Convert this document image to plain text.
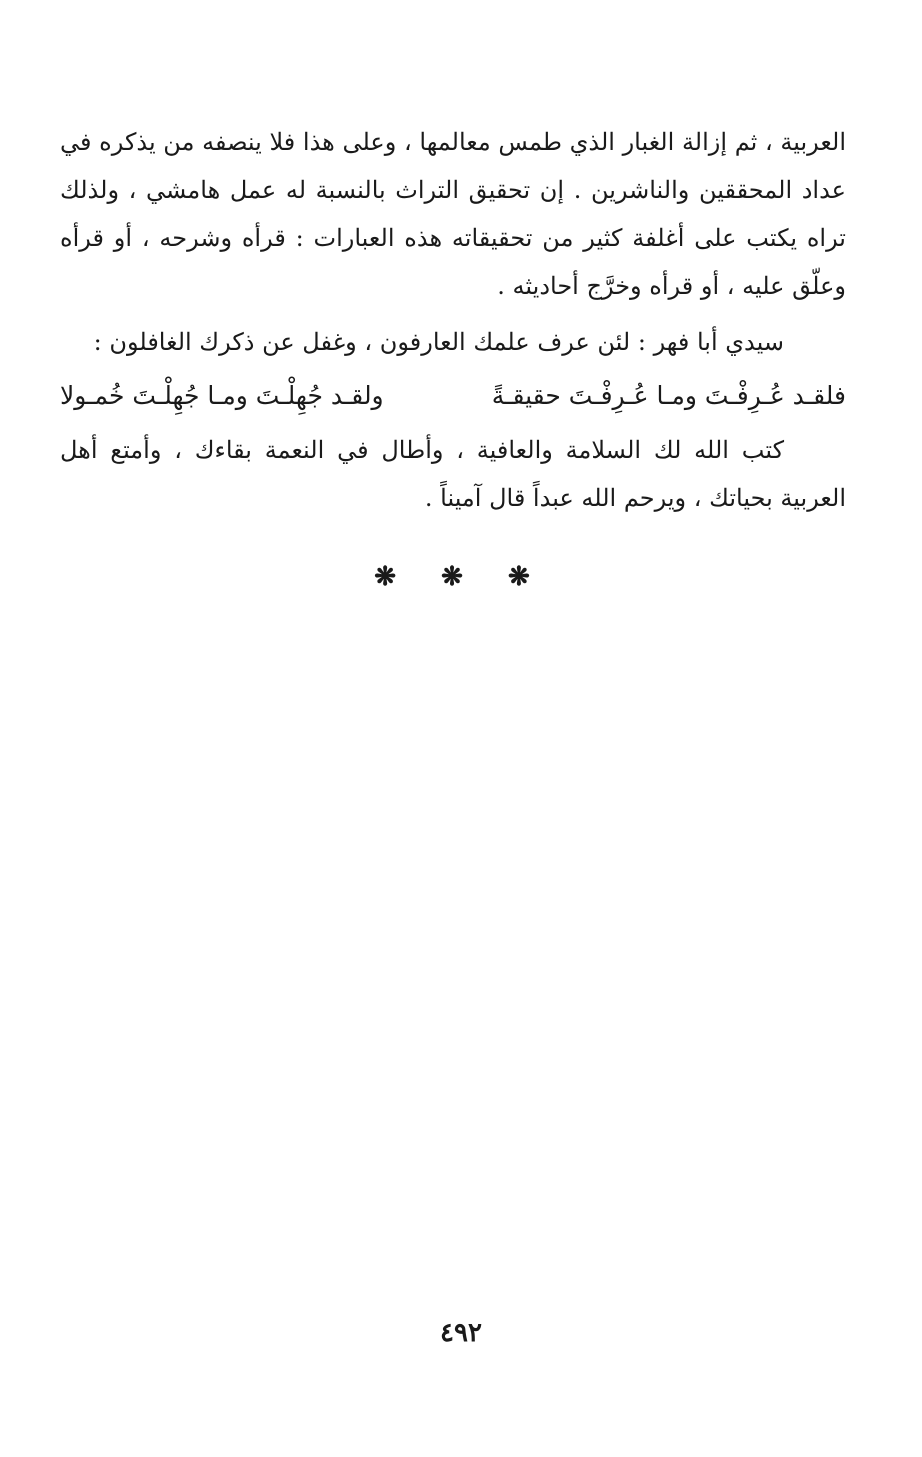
العربية ، ثم إزالة الغبار الذي طمس معالمها ، وعلى هذا فلا ينصفه من يذكره في عداد المحققين والناشرين . إن تحقيق التراث بالنسبة له عمل هامشي ، ولذلك تراه يكتب على أغلفة كثير من تحقيقاته هذه العبارات : قرأه وشرحه ، أو قرأه وعلّق عليه ، أو قرأه وخرَّج أحاديثه .

سيدي أبا فهر : لئن عرف علمك العارفون ، وغفل عن ذكرك الغافلون :

فلقـد عُـرِفْـتَ ومـا عُـرِفْـتَ حقيقـةً
ولقـد جُهِلْـتَ ومـا جُهِلْـتَ خُمـولا

كتب الله لك السلامة والعافية ، وأطال في النعمة بقاءك ، وأمتع أهل العربية بحياتك ، ويرحم الله عبداً قال آميناً .

❋ ❋ ❋
٤٩٢
